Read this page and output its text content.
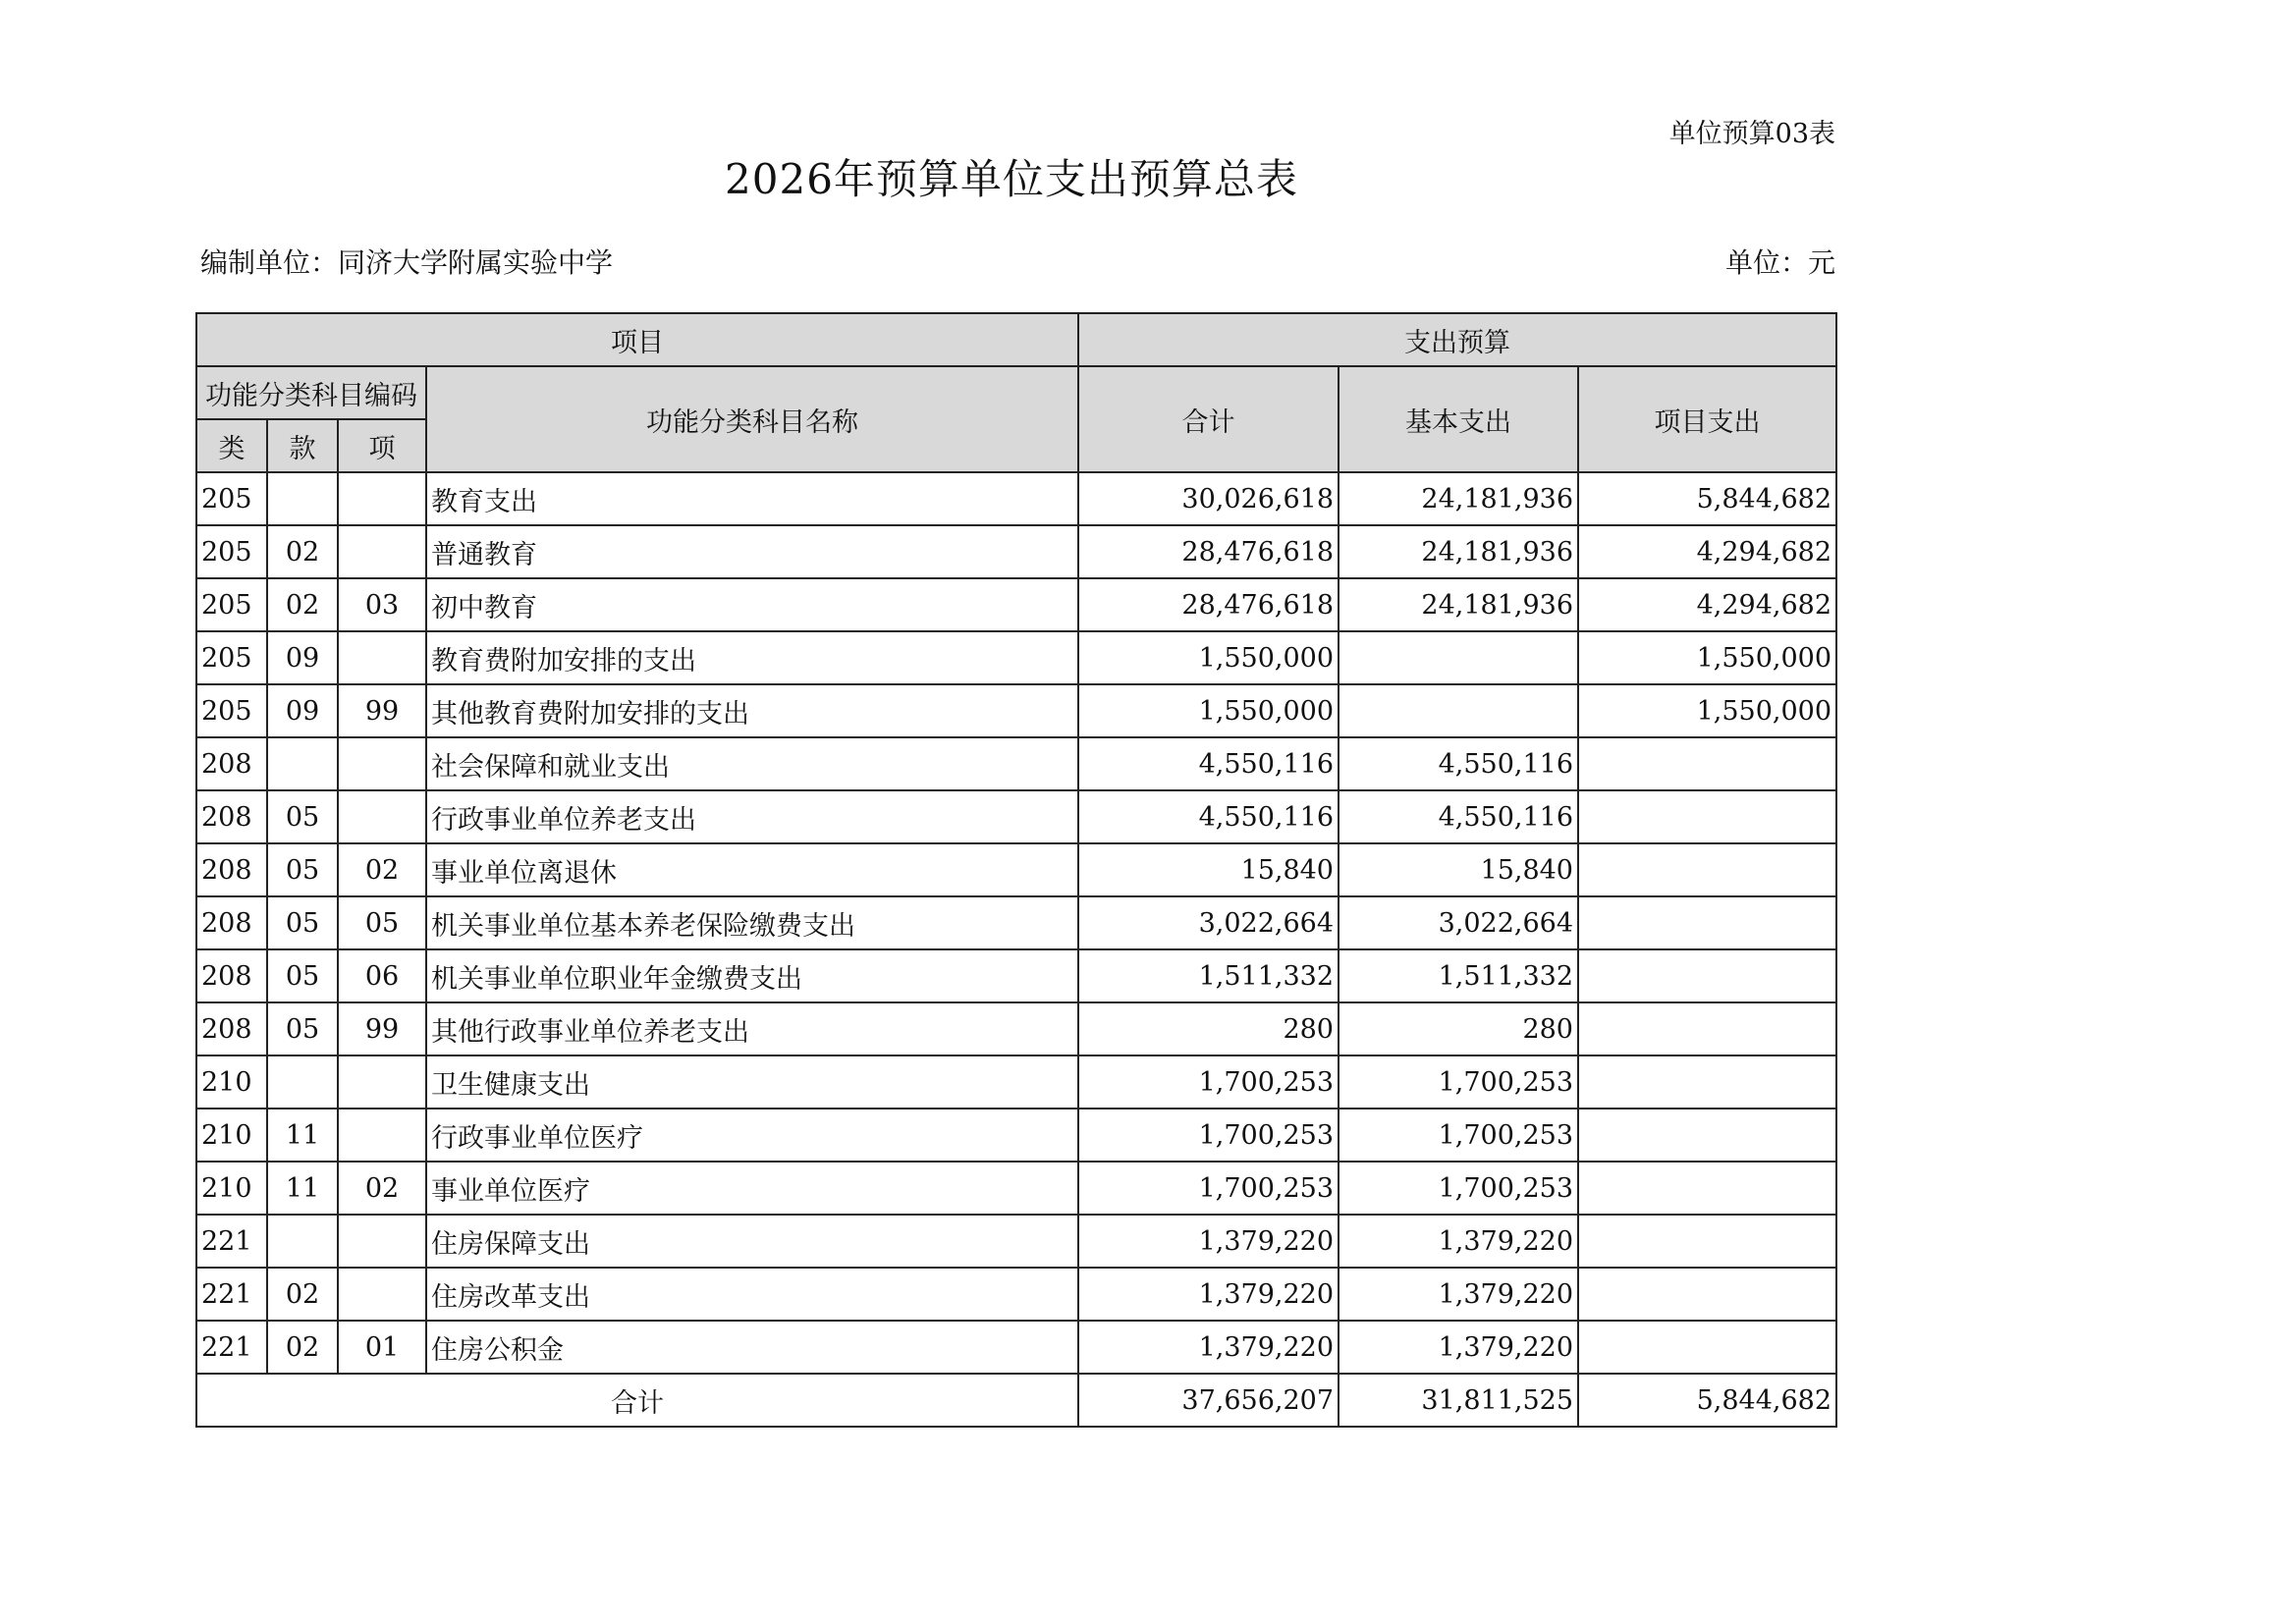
单位预算03表
2026年预算单位支出预算总表
编制单位：同济大学附属实验中学	单位：元
项目				支出预算		
功能分类科目编码			功能分类科目名称	合计	基本支出	项目支出
类	款	项				
205			教育支出	30,026,618	24,181,936	5,844,682
205	02		普通教育	28,476,618	24,181,936	4,294,682
205	02	03	初中教育	28,476,618	24,181,936	4,294,682
205	09		教育费附加安排的支出	1,550,000		1,550,000
205	09	99	其他教育费附加安排的支出	1,550,000		1,550,000
208			社会保障和就业支出	4,550,116	4,550,116	
208	05		行政事业单位养老支出	4,550,116	4,550,116	
208	05	02	事业单位离退休	15,840	15,840	
208	05	05	机关事业单位基本养老保险缴费支出	3,022,664	3,022,664	
208	05	06	机关事业单位职业年金缴费支出	1,511,332	1,511,332	
208	05	99	其他行政事业单位养老支出	280	280	
210			卫生健康支出	1,700,253	1,700,253	
210	11		行政事业单位医疗	1,700,253	1,700,253	
210	11	02	事业单位医疗	1,700,253	1,700,253	
221			住房保障支出	1,379,220	1,379,220	
221	02		住房改革支出	1,379,220	1,379,220	
221	02	01	住房公积金	1,379,220	1,379,220	
合计				37,656,207	31,811,525	5,844,682
